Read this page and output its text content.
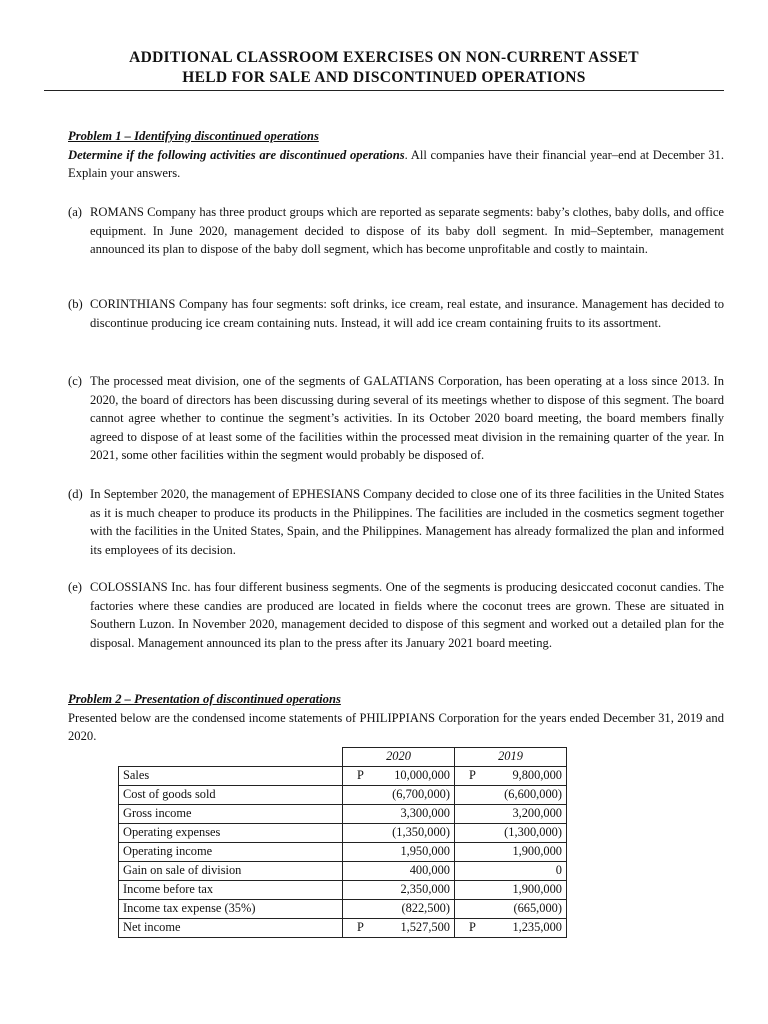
ADDITIONAL CLASSROOM EXERCISES ON NON-CURRENT ASSET
HELD FOR SALE AND DISCONTINUED OPERATIONS
Problem 1 – Identifying discontinued operations
Determine if the following activities are discontinued operations. All companies have their financial year–end at December 31. Explain your answers.
(a) ROMANS Company has three product groups which are reported as separate segments: baby’s clothes, baby dolls, and office equipment. In June 2020, management decided to dispose of its baby doll segment. In mid–September, management announced its plan to dispose of the baby doll segment, which has become unprofitable and costly to maintain.
(b) CORINTHIANS Company has four segments: soft drinks, ice cream, real estate, and insurance. Management has decided to discontinue producing ice cream containing nuts. Instead, it will add ice cream containing fruits to its assortment.
(c) The processed meat division, one of the segments of GALATIANS Corporation, has been operating at a loss since 2013. In 2020, the board of directors has been discussing during several of its meetings whether to dispose of this segment. The board cannot agree whether to continue the segment’s activities. In its October 2020 board meeting, the board members finally agreed to dispose of at least some of the facilities within the processed meat division in the remaining quarter of the year. In 2021, some other facilities within the segment would probably be disposed of.
(d) In September 2020, the management of EPHESIANS Company decided to close one of its three facilities in the United States as it is much cheaper to produce its products in the Philippines. The facilities are included in the cosmetics segment together with the facilities in the United States, Spain, and the Philippines. Management has already formalized the plan and informed its employees of its decision.
(e) COLOSSIANS Inc. has four different business segments. One of the segments is producing desiccated coconut candies. The factories where these candies are produced are located in fields where the coconut trees are grown. These are situated in Southern Luzon. In November 2020, management decided to dispose of this segment and worked out a detailed plan for the disposal. Management announced its plan to the press after its January 2021 board meeting.
Problem 2 – Presentation of discontinued operations
Presented below are the condensed income statements of PHILIPPIANS Corporation for the years ended December 31, 2019 and 2020.
	2020	2019
Sales	P 10,000,000	P 9,800,000
Cost of goods sold	(6,700,000)	(6,600,000)
Gross income	3,300,000	3,200,000
Operating expenses	(1,350,000)	(1,300,000)
Operating income	1,950,000	1,900,000
Gain on sale of division	400,000	0
Income before tax	2,350,000	1,900,000
Income tax expense (35%)	(822,500)	(665,000)
Net income	P 1,527,500	P 1,235,000
